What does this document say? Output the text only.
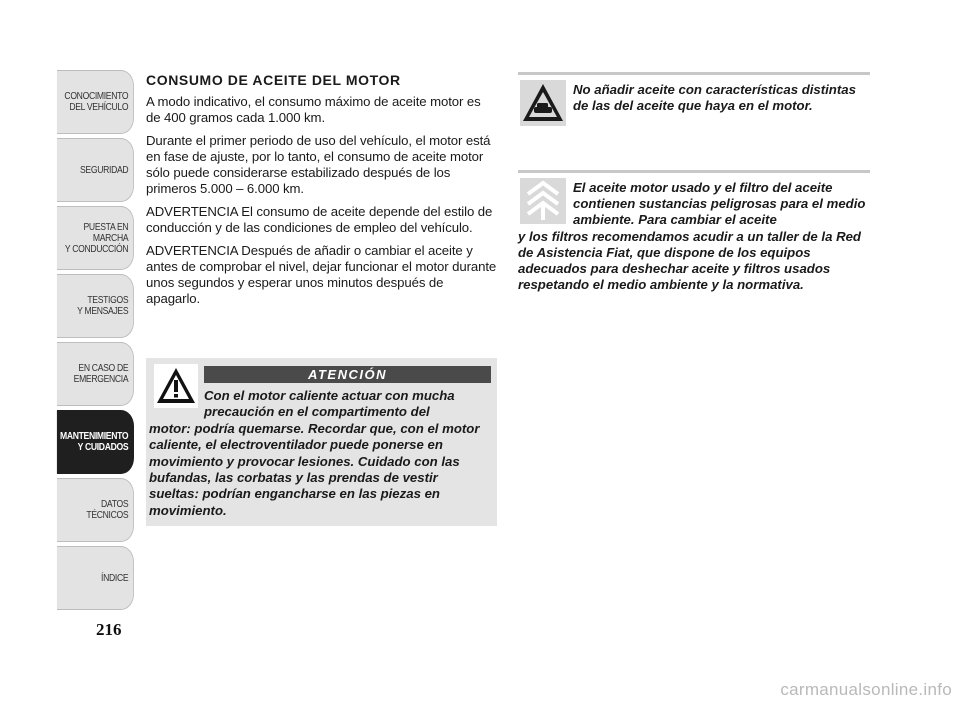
CONOCIMIENTO
DEL VEHÍCULO
SEGURIDAD
PUESTA EN
MARCHA
Y CONDUCCIÓN
TESTIGOS
Y MENSAJES
EN CASO DE
EMERGENCIA
MANTENIMIENTO
Y CUIDADOS
DATOS
TÉCNICOS
ÍNDICE
216
CONSUMO DE ACEITE DEL MOTOR

A modo indicativo, el consumo máximo de aceite motor es de 400 gramos cada 1.000 km.

Durante el primer periodo de uso del vehículo, el motor está en fase de ajuste, por lo tanto, el consumo de aceite motor sólo puede considerarse estabilizado después de los primeros 5.000 – 6.000 km.

ADVERTENCIA El consumo de aceite depende del estilo de conducción y de las condiciones de empleo del vehículo.

ADVERTENCIA Después de añadir o cambiar el aceite y antes de comprobar el nivel, dejar funcionar el motor durante unos segundos y esperar unos minutos después de apagarlo.

ATENCIÓN
Con el motor caliente actuar con mucha precaución en el compartimento del
motor: podría quemarse. Recordar que, con el motor caliente, el electroventilador puede ponerse en movimiento y provocar lesiones. Cuidado con las bufandas, las corbatas y las prendas de vestir sueltas: podrían engancharse en las piezas en movimiento.
No añadir aceite con características distintas de las del aceite que haya en el motor.
El aceite motor usado y el filtro del aceite contienen sustancias peligrosas para el medio ambiente. Para cambiar el aceite
y los filtros recomendamos acudir a un taller de la Red de Asistencia Fiat, que dispone de los equipos adecuados para deshechar aceite y filtros usados respetando el medio ambiente y la normativa.
carmanualsonline.info
